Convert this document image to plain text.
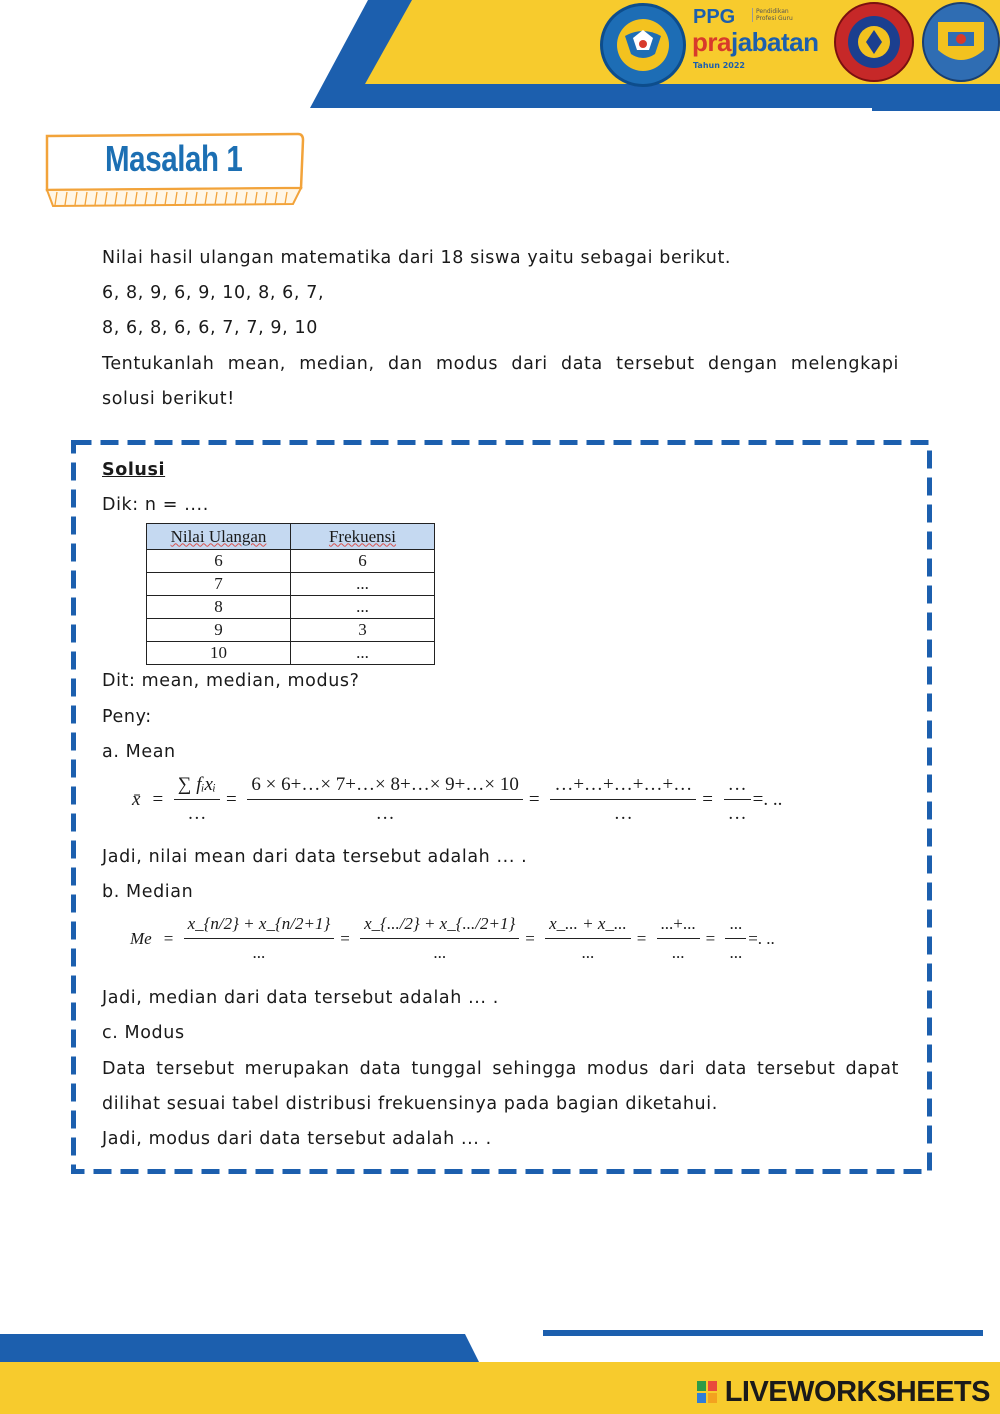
PPG	Pendidikan Profesi Guru
prajabatan
Tahun 2022
Masalah 1
Nilai hasil ulangan matematika dari 18 siswa yaitu sebagai berikut.
6, 8, 9, 6, 9, 10, 8, 6, 7,
8, 6, 8, 6, 6, 7, 7, 9, 10
Tentukanlah mean, median, dan modus dari data tersebut dengan melengkapi
solusi berikut!
Solusi
Dik: n = ....
Nilai Ulangan	Frekuensi
6	6
7	...
8	...
9	3
10	...
Dit: mean, median, modus?
Peny:
a. Mean
x̄ = $\frac{\text{∑ fᵢxᵢ}}{\dots} = \frac{6 \times 6+\dots\times 7+\dots\times 8+\dots\times 9+\dots\times 10}{\dots} = \frac{\dots+\dots+\dots+\dots+\dots}{\dots} = \frac{\dots}{\dots}$ =. ..
Jadi, nilai mean dari data tersebut adalah ... .
b. Median
$Me = \frac{x\_\{n/2\} + x\_\{n/2+1\}}{...} = \frac{x\_\{.../2\} + x\_\{.../2+1\}}{...} = \frac{x\_... + x\_...}{...} = \frac{...+...}{...} = \frac{...}{...}$ =. ..
Jadi, median dari data tersebut adalah ... .
c. Modus
Data tersebut merupakan data tunggal sehingga modus dari data tersebut dapat
dilihat sesuai tabel distribusi frekuensinya pada bagian diketahui.
Jadi, modus dari data tersebut adalah ... .
LIVEWORKSHEETS
